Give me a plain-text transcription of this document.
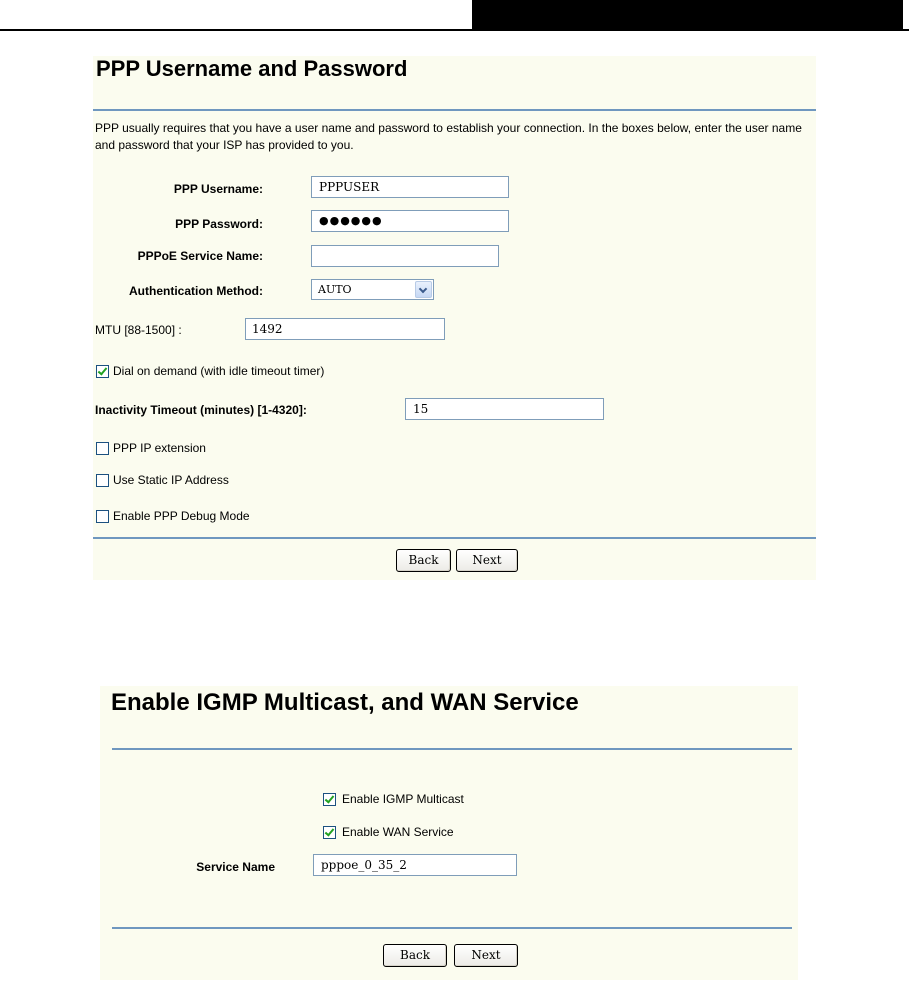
PPP Username and Password
PPP usually requires that you have a user name and password to establish your connection. In the boxes below, enter the user name and password that your ISP has provided to you.
PPP Username:	PPPUSER
PPP Password:	●●●●●●
PPPoE Service Name:
Authentication Method:	AUTO
MTU [88-1500] :	1492
Dial on demand (with idle timeout timer)
Inactivity Timeout (minutes) [1-4320]:	15
PPP IP extension
Use Static IP Address
Enable PPP Debug Mode
Back	Next
Enable IGMP Multicast, and WAN Service
Enable IGMP Multicast
Enable WAN Service
Service Name	pppoe_0_35_2
Back	Next
